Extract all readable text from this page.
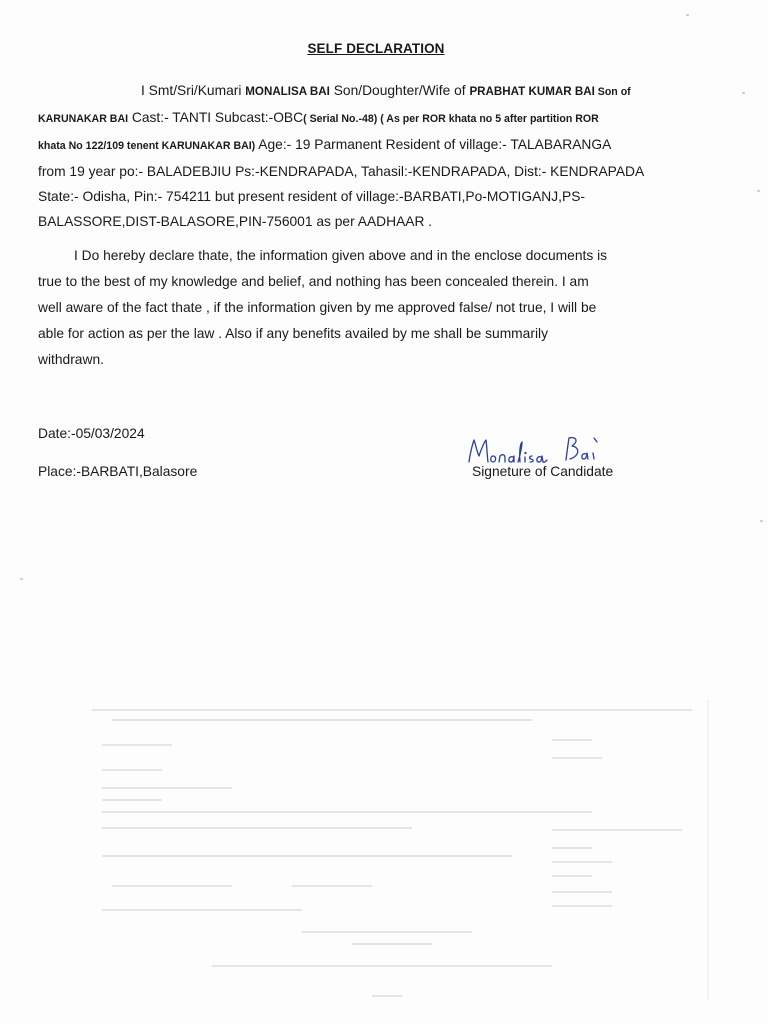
SELF DECLARATION
I Smt/Sri/Kumari MONALISA BAI Son/Doughter/Wife of PRABHAT KUMAR BAI Son of
KARUNAKAR BAI Cast:- TANTI Subcast:-OBC( Serial No.-48) ( As per ROR khata no 5 after partition ROR
khata No 122/109 tenent KARUNAKAR BAI) Age:- 19 Parmanent Resident of village:- TALABARANGA
from 19 year po:- BALADEBJIU Ps:-KENDRAPADA, Tahasil:-KENDRAPADA, Dist:- KENDRAPADA
State:- Odisha, Pin:- 754211 but present resident of village:-BARBATI,Po-MOTIGANJ,PS-
BALASSORE,DIST-BALASORE,PIN-756001 as per AADHAAR .
I Do hereby declare thate, the information given above and in the enclose documents is
true to the best of my knowledge and belief, and nothing has been concealed therein. I am
well aware of the fact thate , if the information given by me approved false/ not true, I will be
able for action as per the law . Also if any benefits availed by me shall be summarily
withdrawn.
Date:-05/03/2024
Place:-BARBATI,Balasore	Signeture of Candidate
